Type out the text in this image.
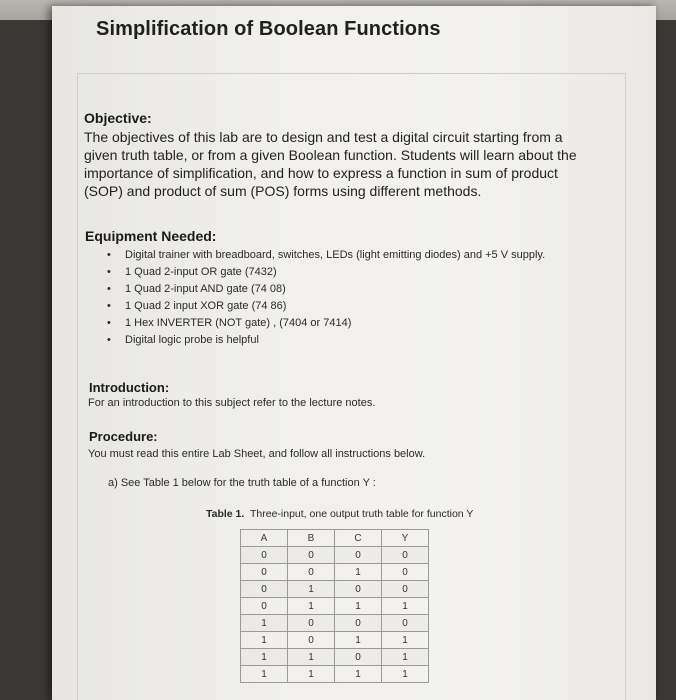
Simplification of Boolean Functions
Objective:
The objectives of this lab are to design and test a digital circuit starting from a given truth table, or from a given Boolean function. Students will learn about the importance of simplification, and how to express a function in sum of product (SOP) and product of sum (POS) forms using different methods.
Equipment Needed:
• Digital trainer with breadboard, switches, LEDs (light emitting diodes) and +5 V supply.
• 1 Quad 2-input OR gate (7432)
• 1 Quad 2-input AND gate (74 08)
• 1 Quad 2 input XOR gate (74 86)
• 1 Hex INVERTER (NOT gate) , (7404 or 7414)
• Digital logic probe is helpful
Introduction:
For an introduction to this subject refer to the lecture notes.
Procedure:
You must read this entire Lab Sheet, and follow all instructions below.
a) See Table 1 below for the truth table of a function Y :
Table 1. Three-input, one output truth table for function Y
A	B	C	Y
0	0	0	0
0	0	1	0
0	1	0	0
0	1	1	1
1	0	0	0
1	0	1	1
1	1	0	1
1	1	1	1
